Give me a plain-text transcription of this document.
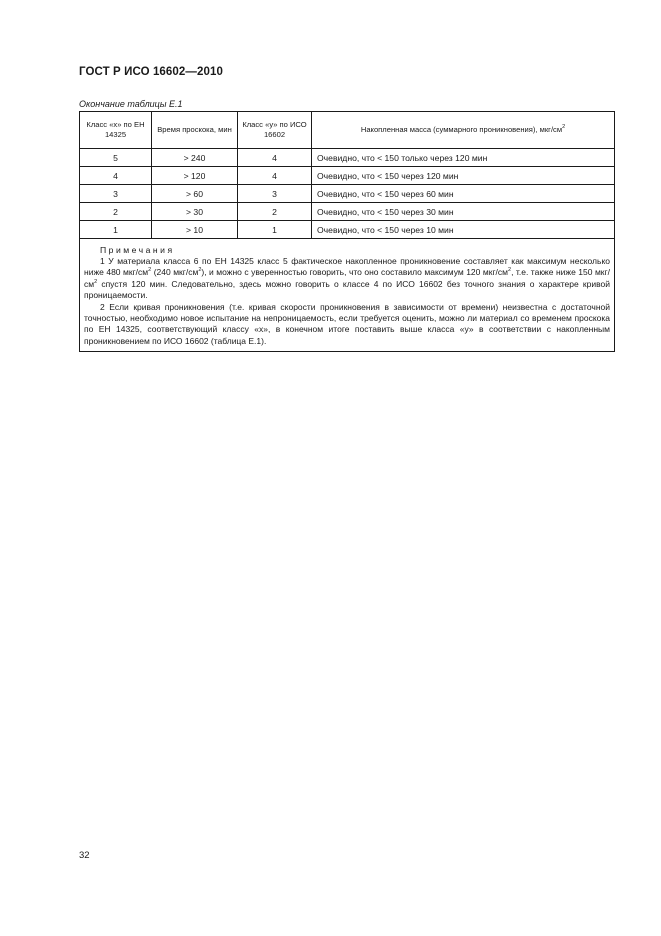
ГОСТ Р ИСО 16602—2010
Окончание таблицы Е.1
Класс «х» по ЕН 14325	Время проскока, мин	Класс «у» по ИСО 16602	Накопленная масса (суммарного проникновения), мкг/$см^2$
5	> 240	4	Очевидно, что < 150 только через 120 мин
4	> 120	4	Очевидно, что < 150 через 120 мин
3	> 60	3	Очевидно, что < 150 через 60 мин
2	> 30	2	Очевидно, что < 150 через 30 мин
1	> 10	1	Очевидно, что < 150 через 10 мин

Примечания

1 У материала класса 6 по ЕН 14325 класс 5 фактическое накопленное проникновение составляет как максимум несколько ниже 480 мкг/$см^2$ (240 мкг/$см^2$), и можно с уверенностью говорить, что оно составило максимум 120 мкг/$см^2$, т.е. также ниже 150 мкг/$см^2$ спустя 120 мин. Следовательно, здесь можно говорить о классе 4 по ИСО 16602 без точного знания о характере кривой проницаемости.

2 Если кривая проникновения (т.е. кривая скорости проникновения в зависимости от времени) неизвестна с достаточной точностью, необходимо новое испытание на непроницаемость, если требуется оценить, можно ли материал со временем проскока по ЕН 14325, соответствующий классу «х», в конечном итоге поставить выше класса «у» в соответствии с накопленным проникновением по ИСО 16602 (таблица Е.1).			

32
